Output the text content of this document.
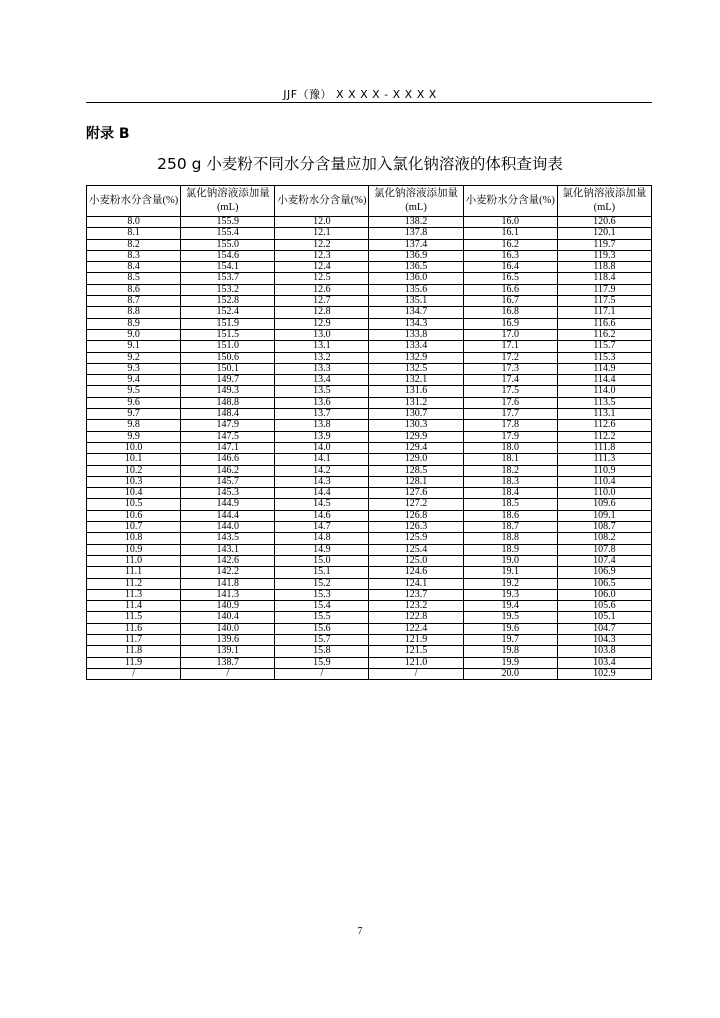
JJF（豫） X X X X - X X X X
附录 B
250 g 小麦粉不同水分含量应加入氯化钠溶液的体积查询表
小麦粉水分含量(%)	氯化钠溶液添加量(mL)	小麦粉水分含量(%)	氯化钠溶液添加量(mL)	小麦粉水分含量(%)	氯化钠溶液添加量(mL)
8.0	155.9	12.0	138.2	16.0	120.6
8.1	155.4	12.1	137.8	16.1	120.1
8.2	155.0	12.2	137.4	16.2	119.7
8.3	154.6	12.3	136.9	16.3	119.3
8.4	154.1	12.4	136.5	16.4	118.8
8.5	153.7	12.5	136.0	16.5	118.4
8.6	153.2	12.6	135.6	16.6	117.9
8.7	152.8	12.7	135.1	16.7	117.5
8.8	152.4	12.8	134.7	16.8	117.1
8.9	151.9	12.9	134.3	16.9	116.6
9.0	151.5	13.0	133.8	17.0	116.2
9.1	151.0	13.1	133.4	17.1	115.7
9.2	150.6	13.2	132.9	17.2	115.3
9.3	150.1	13.3	132.5	17.3	114.9
9.4	149.7	13.4	132.1	17.4	114.4
9.5	149.3	13.5	131.6	17.5	114.0
9.6	148.8	13.6	131.2	17.6	113.5
9.7	148.4	13.7	130.7	17.7	113.1
9.8	147.9	13.8	130.3	17.8	112.6
9.9	147.5	13.9	129.9	17.9	112.2
10.0	147.1	14.0	129.4	18.0	111.8
10.1	146.6	14.1	129.0	18.1	111.3
10.2	146.2	14.2	128.5	18.2	110.9
10.3	145.7	14.3	128.1	18.3	110.4
10.4	145.3	14.4	127.6	18.4	110.0
10.5	144.9	14.5	127.2	18.5	109.6
10.6	144.4	14.6	126.8	18.6	109.1
10.7	144.0	14.7	126.3	18.7	108.7
10.8	143.5	14.8	125.9	18.8	108.2
10.9	143.1	14.9	125.4	18.9	107.8
11.0	142.6	15.0	125.0	19.0	107.4
11.1	142.2	15.1	124.6	19.1	106.9
11.2	141.8	15.2	124.1	19.2	106.5
11.3	141.3	15.3	123.7	19.3	106.0
11.4	140.9	15.4	123.2	19.4	105.6
11.5	140.4	15.5	122.8	19.5	105.1
11.6	140.0	15.6	122.4	19.6	104.7
11.7	139.6	15.7	121.9	19.7	104.3
11.8	139.1	15.8	121.5	19.8	103.8
11.9	138.7	15.9	121.0	19.9	103.4
/	/	/	/	20.0	102.9
7
